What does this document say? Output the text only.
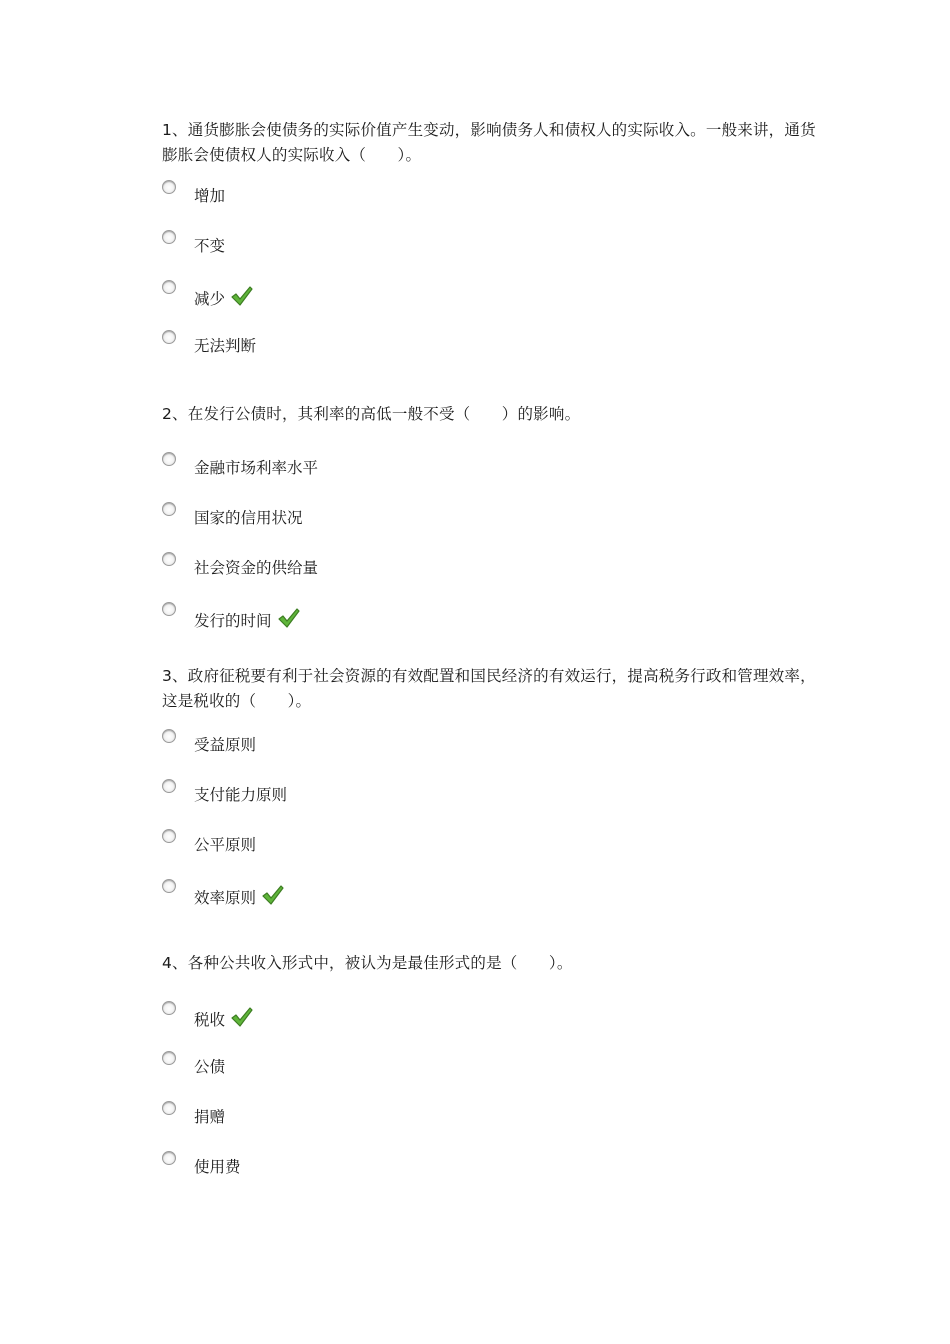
1、通货膨胀会使债务的实际价值产生变动，影响债务人和债权人的实际收入。一般来讲，通货膨胀会使债权人的实际收入（　　）。

增加
不变
减少
无法判断

2、在发行公债时，其利率的高低一般不受（　　）的影响。

金融市场利率水平
国家的信用状况
社会资金的供给量
发行的时间

3、政府征税要有利于社会资源的有效配置和国民经济的有效运行，提高税务行政和管理效率，这是税收的（　　）。

受益原则
支付能力原则
公平原则
效率原则

4、各种公共收入形式中，被认为是最佳形式的是（　　）。

税收
公债
捐赠
使用费
